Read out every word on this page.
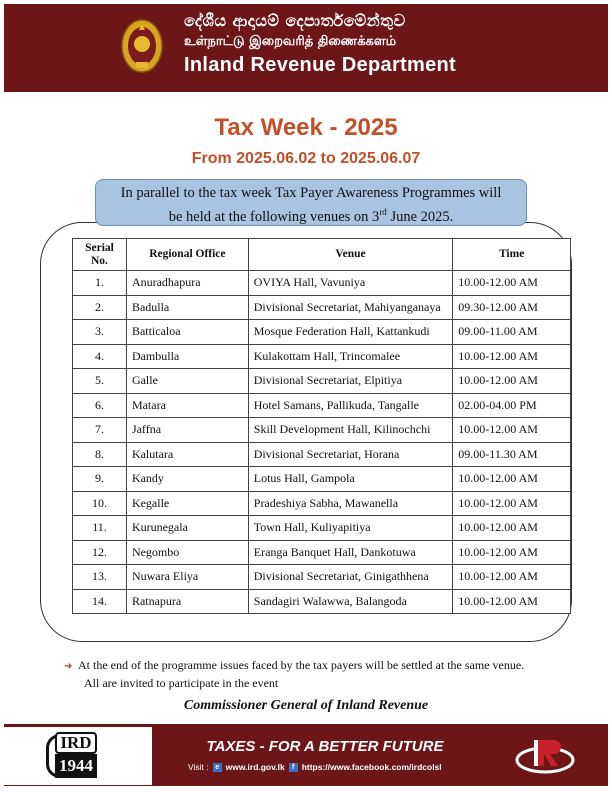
දේශීය ආදායම් දෙපාර්තමේන්තුව
உள்நாட்டு இறைவரித் திணைக்களம்
Inland Revenue Department
Tax Week - 2025
From 2025.06.02 to 2025.06.07
In parallel to the tax week Tax Payer Awareness Programmes will
be held at the following venues on 3rd June 2025.
Serial
No.	Regional Office	Venue	Time
1.	Anuradhapura	OVIYA Hall, Vavuniya	10.00-12.00 AM
2.	Badulla	Divisional Secretariat, Mahiyanganaya	09.30-12.00 AM
3.	Batticaloa	Mosque Federation Hall, Kattankudi	09.00-11.00 AM
4.	Dambulla	Kulakottam Hall, Trincomalee	10.00-12.00 AM
5.	Galle	Divisional Secretariat, Elpitiya	10.00-12.00 AM
6.	Matara	Hotel Samans, Pallikuda, Tangalle	02.00-04.00 PM
7.	Jaffna	Skill Development Hall, Kilinochchi	10.00-12.00 AM
8.	Kalutara	Divisional Secretariat, Horana	09.00-11.30 AM
9.	Kandy	Lotus Hall, Gampola	10.00-12.00 AM
10.	Kegalle	Pradeshiya Sabha, Mawanella	10.00-12.00 AM
11.	Kurunegala	Town Hall, Kuliyapitiya	10.00-12.00 AM
12.	Negombo	Eranga Banquet Hall, Dankotuwa	10.00-12.00 AM
13.	Nuwara Eliya	Divisional Secretariat, Ginigathhena	10.00-12.00 AM
14.	Ratnapura	Sandagiri Walawwa, Balangoda	10.00-12.00 AM
➜ At the end of the programme issues faced by the tax payers will be settled at the same venue.
All are invited to participate in the event
Commissioner General of Inland Revenue
IRD
1944
TAXES - FOR A BETTER FUTURE
Visit : e www.ird.gov.lk	f https://www.facebook.com/irdcolsl
